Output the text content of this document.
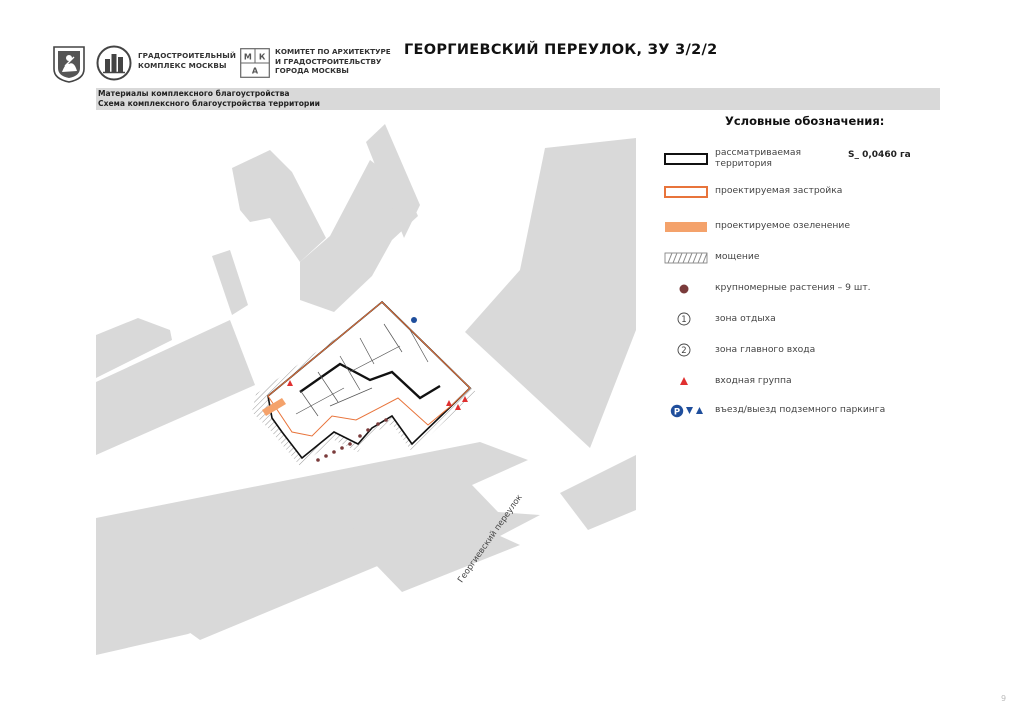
ГРАДОСТРОИТЕЛЬНЫЙ
КОМПЛЕКС МОСКВЫ
М К
А
КОМИТЕТ ПО АРХИТЕКТУРЕ
И ГРАДОСТРОИТЕЛЬСТВУ
ГОРОДА МОСКВЫ
ГЕОРГИЕВСКИЙ ПЕРЕУЛОК, ЗУ 3/2/2
Материалы комплексного благоустройства
Схема комплексного благоустройства территории
Георгиевский переулок
Условные обозначения:
рассматриваемая
территория
S_ 0,0460 га
проектируемая застройка
проектируемое озеленение
мощение
крупномерные растения – 9 шт.
1	зона отдыха
2	зона главного входа
входная группа
P	въезд/выезд подземного паркинга
9
